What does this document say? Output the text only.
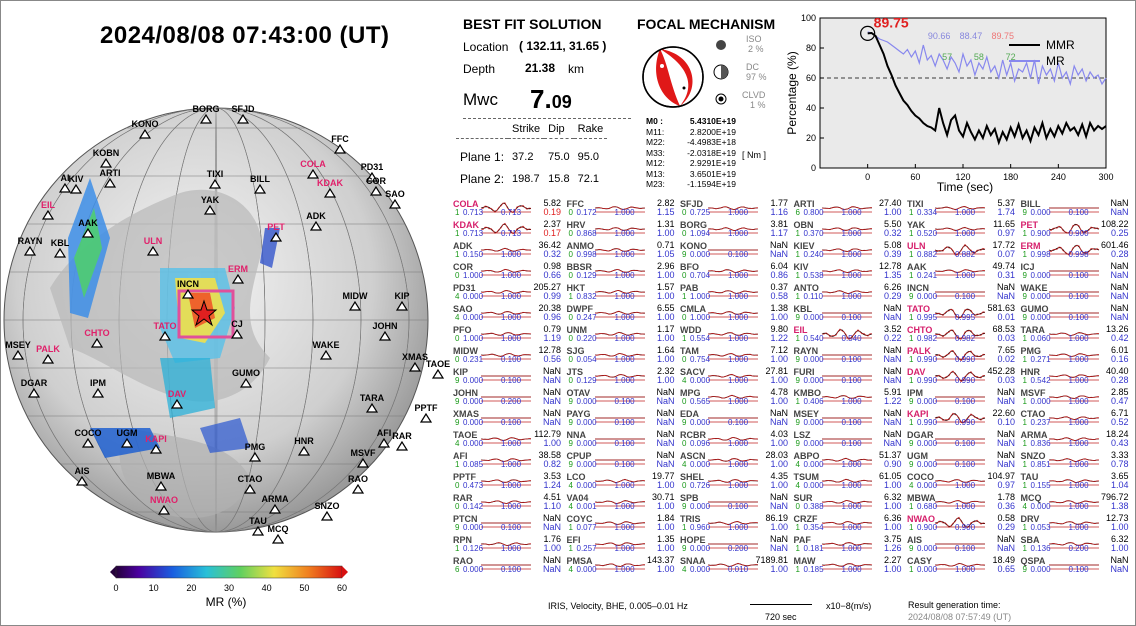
2024/08/08 07:43:00 (UT)
BORG SFJD
KONO
KOBN
KIV
ARTI
FFC
COLA	PD31
KDAK	COR
SAO
TIXI	BILL
AI
EIL	YAK
ADK
AAK
RAYN KBL	ULN
PET
INCN
ERM
MIDW	KIP
TATO	CJ	JOHN
CHTO
MSEY PALK	WAKE
XMAS
TAOE
DGAR	IPM
GUMO
DAV	TARA
PPTF
COCO UGM
KAPI
AFI RAR
PMG
HNR
MSVF
AIS	MBWA	CTAO	RAO
NWAO	ARMA
SNZO
TAU
MCQ
0	10	20	30	40	50	60
MR (%)
BEST FIT SOLUTION
Location ( 132.11, 31.65 )
Depth 21.38 km
Mwc 7.09
	Strike	Dip	Rake

Plane 1:	37.2	75.0	95.0
Plane 2:	198.7	15.8	72.1
FOCAL MECHANISM
ISO
2 %
DC
97 %
CLVD
1 %
M0 :	5.4310E+19
M11:	2.8200E+19
M22:	-4.4983E+18
M33:	-2.0318E+19
M12:	2.9291E+19
M13:	3.6501E+19
M23:	-1.1594E+19
[ Nm ]
0	60	120	180	240	300
0
20
40
60
80
100	89.75
90.66 88.47 89.75
57 58 72
MMR
MR
Time (sec)
Percentage (%)
COLA	5.82
0.19
1 0.713 0.713
FFC	2.82
1.15
0 0.172 1.000
SFJD	1.77
1.16
0 0.725 1.000
ARTI	27.40
1.00
6 0.800 1.000
TIXI	5.37
1.74
1 0.334 1.000
BILL	NaN
NaN
9 0.000 0.100
KDAK	2.37
0.17
1 0.713 0.713
HRV	1.31
1.00
0 0.868 1.000
BORG	3.81
1.17
0 1.094 1.000
OBN	5.50
0.32
1 0.370 1.000
YAK	11.65
0.97
1 0.520 1.000
PET	108.22
0.25
1 0.900 0.900
ADK	36.42
0.32
1 0.150 1.000
ANMO	0.71
1.05
0 0.998 1.000
KONO	NaN
NaN
9 0.000 0.100
KIEV	5.08
0.39
1 0.240 1.000
ULN	17.72
0.07
1 0.882 0.882
ERM	601.46
0.28
1 0.998 0.998
COR	0.98
0.66
0 1.000 1.000
BBSR	2.96
1.00
0 0.129 1.000
BFO	6.04
0.86
0 0.704 1.000
KIV	12.78
1.35
1 0.538 1.000
AAK	49.74
0.31
1 0.241 1.000
ICJ	NaN
NaN
9 0.000 0.100
PD31	205.27
0.99
4 0.000 1.000
HKT	1.57
1.00
1 0.832 1.000
PAB	0.37
0.58
1 1.000 1.000
ANTO	6.26
0.29
1 0.110 1.000
INCN	NaN
NaN
9 0.000 0.100
WAKE	NaN
NaN
9 0.000 0.100
SAO	20.38
0.96
4 0.000 1.000
DWPF	6.55
1.00
0 0.247 1.000
CMLA	1.38
1.00
0 1.000 1.000
KBL	NaN
NaN
9 0.000 0.100
TATO	581.63
0.01
1 0.995 0.995
GUMO	NaN
NaN
9 0.000 0.100
PFO	0.79
1.19
0 1.000 1.000
UNM	1.17
1.00
0 0.220 1.000
WDD	9.80
1.22
1 0.554 1.000
EIL	3.52
0.22
1 0.540 0.540
CHTO	68.53
0.03
1 0.982 0.982
TARA	13.26
0.42
1 0.060 1.000
MIDW	12.78
0.56
0 0.231 0.100
SJG	1.64
1.00
0 0.054 1.000
TAM	7.12
1.00
0 0.754 1.000
RAYN	NaN
NaN
9 0.000 0.100
PALK	7.65
0.02
1 0.990 0.990
PMG	6.01
0.16
1 0.271 1.000
KIP	NaN
NaN
9 0.000 0.100
JTS	2.32
1.00
0 0.129 1.000
SACV	27.81
1.00
4 0.000 1.000
FURI	NaN
NaN
9 0.000 0.100
DAV	452.28
0.03
1 0.990 0.990
HNR	40.40
0.28
1 0.542 1.000
JOHN	NaN
NaN
9 0.000 0.200
OTAV	NaN
NaN
9 0.000 0.100
MPG	4.78
1.00
0 0.565 1.000
KMBO	5.91
1.22
1 0.406 1.000
IPM	NaN
NaN
9 0.000 0.100
MSVF	2.85
0.47
1 0.000 1.000
XMAS	NaN
NaN
9 0.000 0.100
PAYG	NaN
NaN
9 0.000 0.100
EDA	NaN
NaN
9 0.000 0.100
MSEY	NaN
NaN
9 0.000 0.100
KAPI	22.60
0.10
1 0.990 0.990
CTAO	6.71
0.52
1 0.237 1.000
TAOE	112.79
1.00
4 0.000 1.000
NNA	NaN
NaN
9 0.000 0.100
RCBR	4.03
1.00
0 0.096 1.000
LSZ	NaN
NaN
9 0.000 0.100
DGAR	NaN
NaN
9 0.000 0.100
ARMA	18.24
0.43
1 0.836 1.000
AFI	38.58
0.82
1 0.085 1.000
CPUP	NaN
NaN
9 0.000 0.100
ASCN	28.03
1.00
4 0.000 1.000
ABPO	51.37
0.90
4 0.000 1.000
UGM	NaN
NaN
9 0.000 0.100
SNZO	3.33
0.78
1 0.851 1.000
PPTF	3.53
1.24
0 0.473 1.000
LCO	19.77
1.00
4 0.000 1.000
SHEL	4.35
1.00
0 0.726 1.000
TSUM	61.05
1.00
4 0.000 1.000
COCO	104.97
0.97
4 0.000 1.000
TAU	3.65
1.04
1 0.155 1.000
RAR	4.51
1.10
0 0.142 1.000
VA04	30.71
1.00
4 0.001 1.000
SPB	NaN
NaN
9 0.000 0.100
SUR	6.32
1.00
0 0.388 1.000
MBWA	1.78
0.36
1 0.680 1.000
MCQ	796.72
1.38
4 0.000 1.000
PTCN	NaN
NaN
9 0.000 0.100
COYC	1.84
1.00
1 0.077 1.000
TRIS	86.19
1.00
1 0.960 1.000
CRZF	6.36
1.00
1 0.354 1.000
NWAO	0.58
0.29
1 0.900 0.900
DRV	12.73
1.00
1 0.053 1.000
RPN	1.76
1.00
1 0.126 1.000
EFI	1.35
1.00
1 0.257 1.000
HOPE	NaN
NaN
9 0.000 0.200
PAF	3.75
1.26
1 0.181 1.000
AIS	NaN
NaN
9 0.000 0.100
SBA	6.32
1.00
1 0.136 0.200
RAO	NaN
NaN
6 0.000 0.100
PMSA	143.37
1.00
4 0.000 1.000
SNAA	7189.81
1.00
4 0.000 0.010
MAW	2.27
1.00
1 0.185 1.000
CASY	18.49
0.65
1 0.000 1.000
QSPA	NaN
NaN
9 0.000 0.100
IRIS, Velocity, BHE, 0.005–0.01 Hz
720 sec
x10−8(m/s)	Result generation time:
2024/08/08 07:57:49 (UT)
